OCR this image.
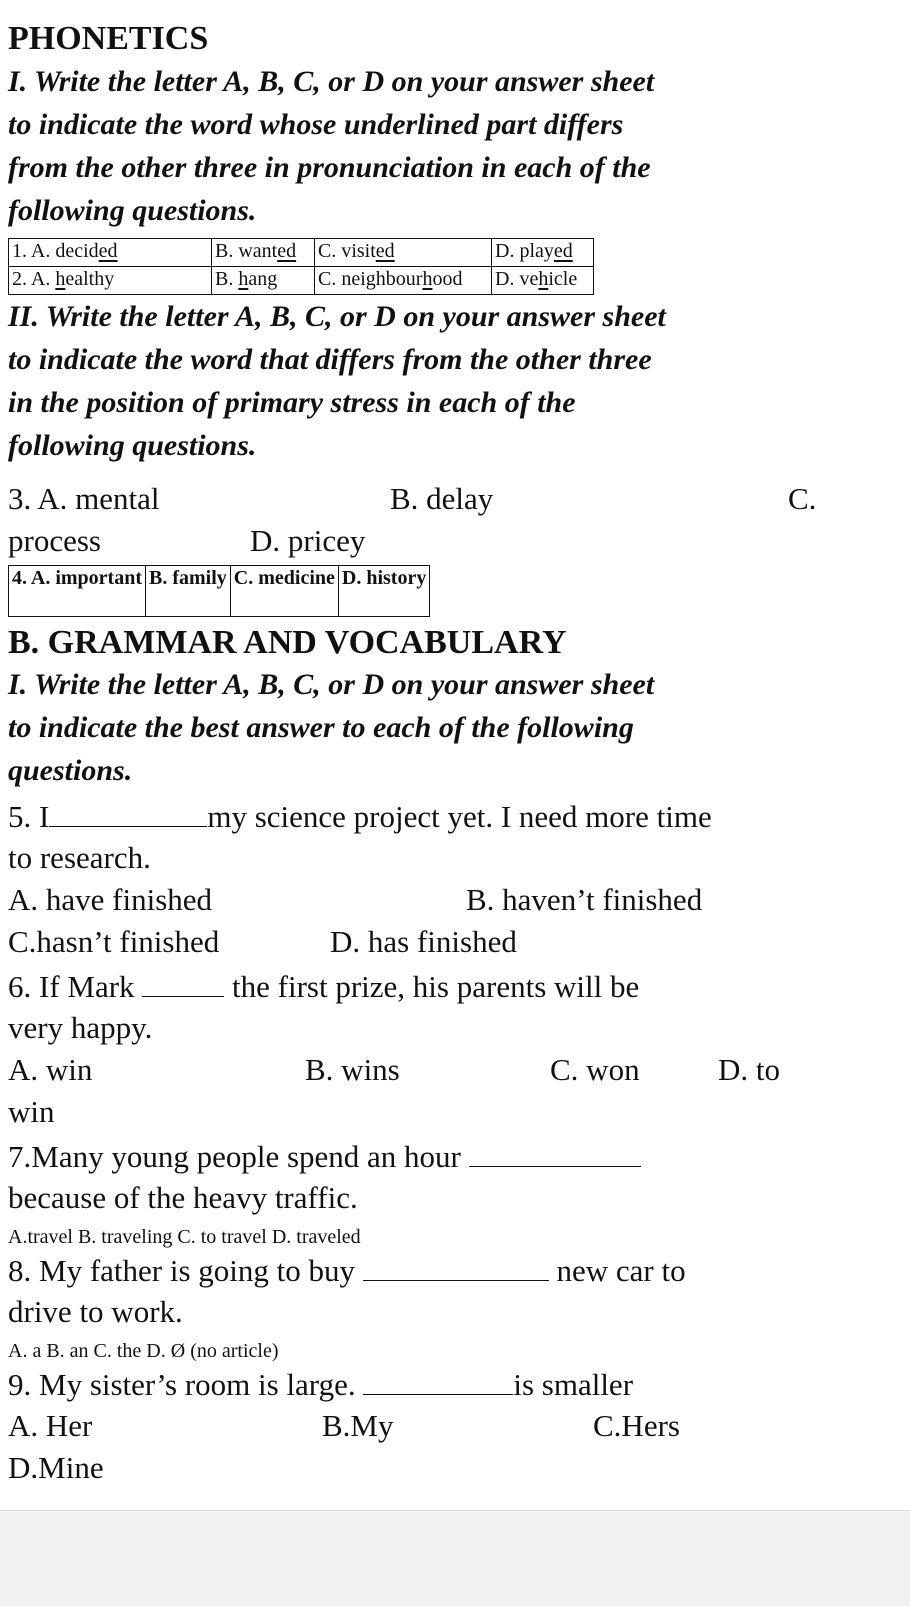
PHONETICS
I. Write the letter A, B, C, or D on your answer sheet
to indicate the word whose underlined part differs
from the other three in pronunciation in each of the
following questions.
1. A. decided	B. wanted	C. visited	D. played
2. A. healthy	B. hang	C. neighbourhood	D. vehicle
II. Write the letter A, B, C, or D on your answer sheet
to indicate the word that differs from the other three
in the position of primary stress in each of the
following questions.
3. A. mental	B. delay	C.
process	D. pricey
4. A. important	B. family	C. medicine	D. history
B. GRAMMAR AND VOCABULARY
I. Write the letter A, B, C, or D on your answer sheet
to indicate the best answer to each of the following
questions.
5. I	my science project yet. I need more time
to research.
A. have finished	B. haven’t finished
C.hasn’t finished	D. has finished
6. If Mark	the first prize, his parents will be
very happy.
A. win	B. wins	C. won	D. to
win
7.Many young people spend an hour
because of the heavy traffic.
A.travel B. traveling C. to travel D. traveled
8. My father is going to buy	new car to
drive to work.
A. a B. an C. the D. Ø (no article)
9. My sister’s room is large.	is smaller
A. Her	B.My	C.Hers
D.Mine
